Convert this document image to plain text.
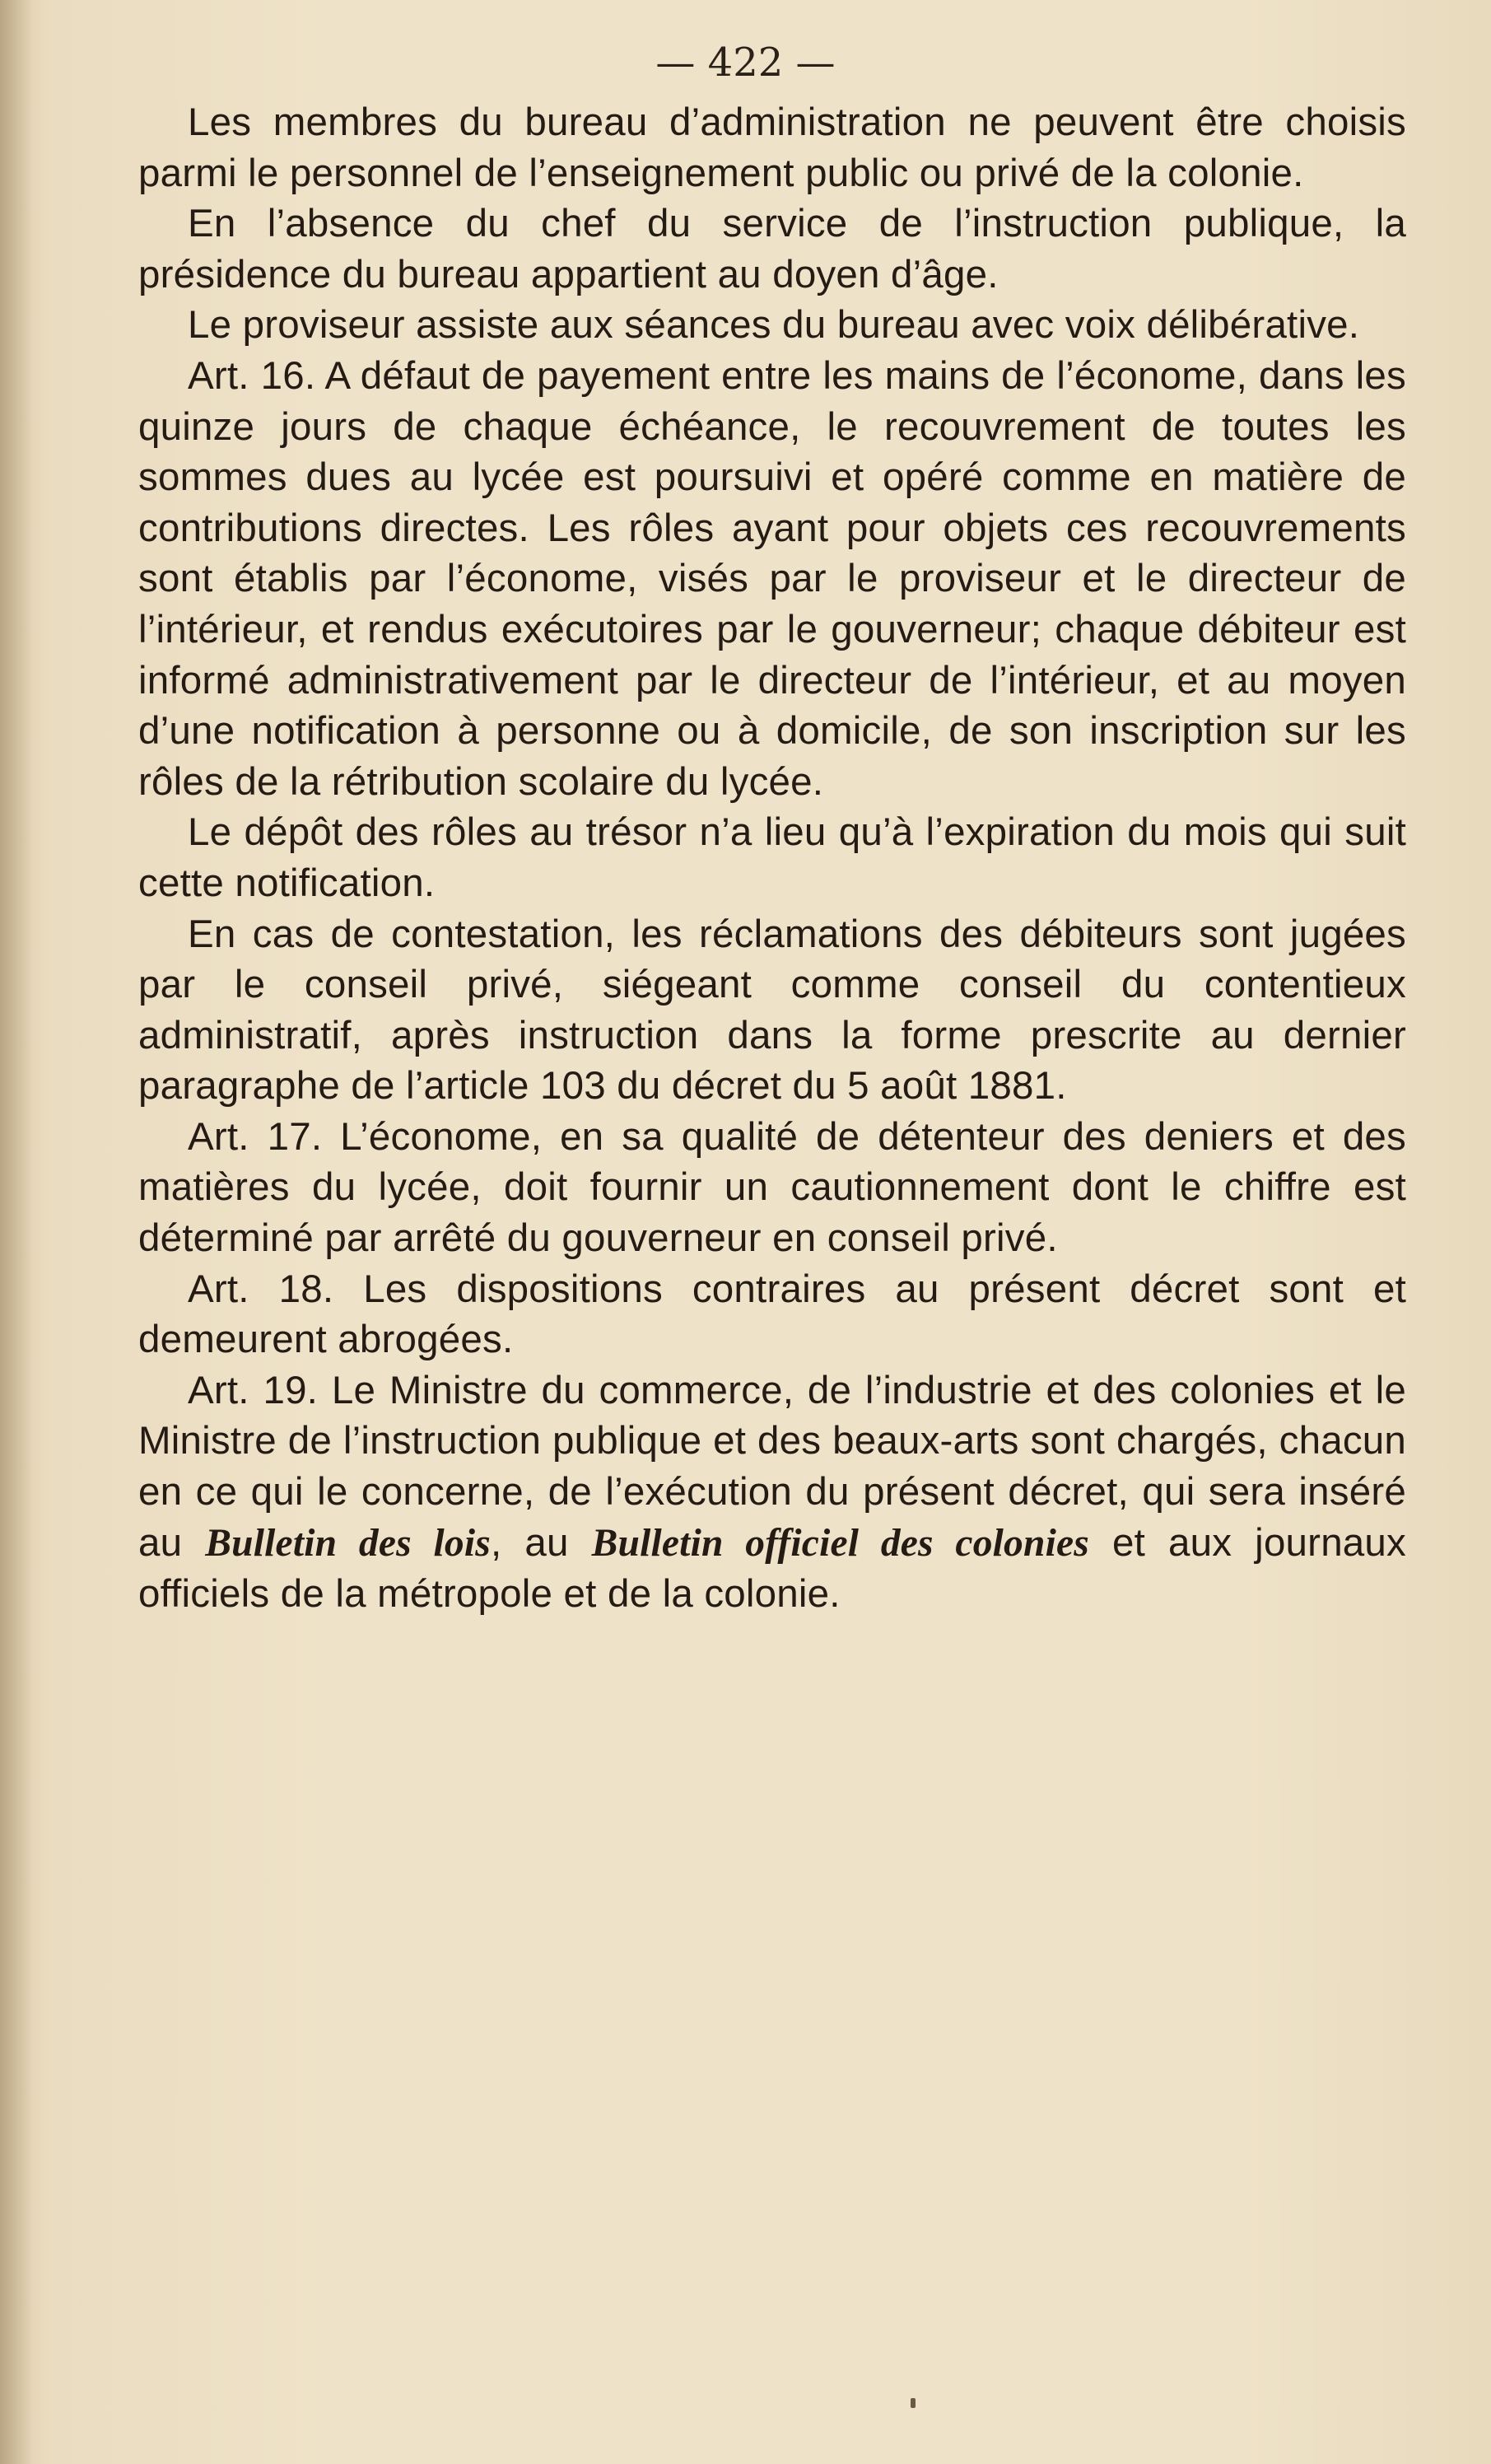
— 422 —

Les membres du bureau d’administration ne peuvent être choisis parmi le personnel de l’enseignement public ou privé de la colonie.

En l’absence du chef du service de l’instruction publique, la présidence du bureau appartient au doyen d’âge.

Le proviseur assiste aux séances du bureau avec voix délibérative.

Art. 16. A défaut de payement entre les mains de l’économe, dans les quinze jours de chaque échéance, le recouvrement de toutes les sommes dues au lycée est poursuivi et opéré comme en matière de contributions directes. Les rôles ayant pour objets ces recouvrements sont établis par l’économe, visés par le proviseur et le directeur de l’intérieur, et rendus exécutoires par le gouverneur; chaque débiteur est informé administrativement par le directeur de l’intérieur, et au moyen d’une notification à personne ou à domicile, de son inscription sur les rôles de la rétribution scolaire du lycée.

Le dépôt des rôles au trésor n’a lieu qu’à l’expiration du mois qui suit cette notification.

En cas de contestation, les réclamations des débiteurs sont jugées par le conseil privé, siégeant comme conseil du contentieux administratif, après instruction dans la forme prescrite au dernier paragraphe de l’article 103 du décret du 5 août 1881.

Art. 17. L’économe, en sa qualité de détenteur des deniers et des matières du lycée, doit fournir un cautionnement dont le chiffre est déterminé par arrêté du gouverneur en conseil privé.

Art. 18. Les dispositions contraires au présent décret sont et demeurent abrogées.

Art. 19. Le Ministre du commerce, de l’industrie et des colonies et le Ministre de l’instruction publique et des beaux-arts sont chargés, chacun en ce qui le concerne, de l’exécution du présent décret, qui sera inséré au Bulletin des lois, au Bulletin officiel des colonies et aux journaux officiels de la métropole et de la colonie.
